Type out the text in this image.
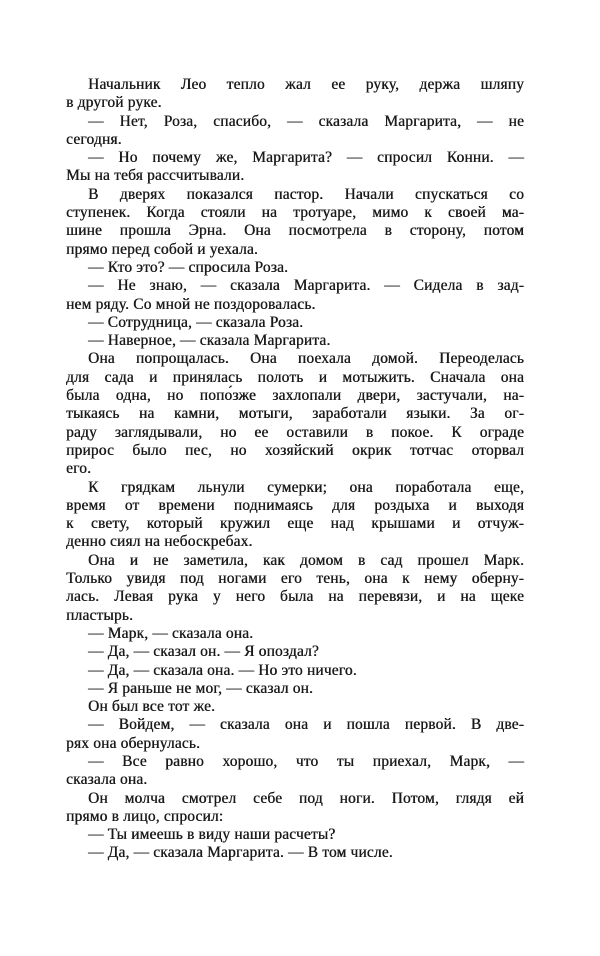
Начальник Лео тепло жал ее руку, держа шляпу
в другой руке.
— Нет, Роза, спасибо, — сказала Маргарита, — не
сегодня.
— Но почему же, Маргарита? — спросил Конни. —
Мы на тебя рассчитывали.
В дверях показался пастор. Начали спускаться со
ступенек. Когда стояли на тротуаре, мимо к своей ма-
шине прошла Эрна. Она посмотрела в сторону, потом
прямо перед собой и уехала.
— Кто это? — спросила Роза.
— Не знаю, — сказала Маргарита. — Сидела в зад-
нем ряду. Со мной не поздоровалась.
— Сотрудница, — сказала Роза.
— Наверное, — сказала Маргарита.
Она попрощалась. Она поехала домой. Переоделась
для сада и принялась полоть и мотыжить. Сначала она
была одна, но попо́зже захлопали двери, застучали, на-
тыкаясь на камни, мотыги, заработали языки. За ог-
раду заглядывали, но ее оставили в покое. К ограде
прирос было пес, но хозяйский окрик тотчас оторвал
его.
К грядкам льнули сумерки; она поработала еще,
время от времени поднимаясь для роздыха и выходя
к свету, который кружил еще над крышами и отчуж-
денно сиял на небоскребах.
Она и не заметила, как домом в сад прошел Марк.
Только увидя под ногами его тень, она к нему оберну-
лась. Левая рука у него была на перевязи, и на щеке
пластырь.
— Марк, — сказала она.
— Да, — сказал он. — Я опоздал?
— Да, — сказала она. — Но это ничего.
— Я раньше не мог, — сказал он.
Он был все тот же.
— Войдем, — сказала она и пошла первой. В две-
рях она обернулась.
— Все равно хорошо, что ты приехал, Марк, —
сказала она.
Он молча смотрел себе под ноги. Потом, глядя ей
прямо в лицо, спросил:
— Ты имеешь в виду наши расчеты?
— Да, — сказала Маргарита. — В том числе.
